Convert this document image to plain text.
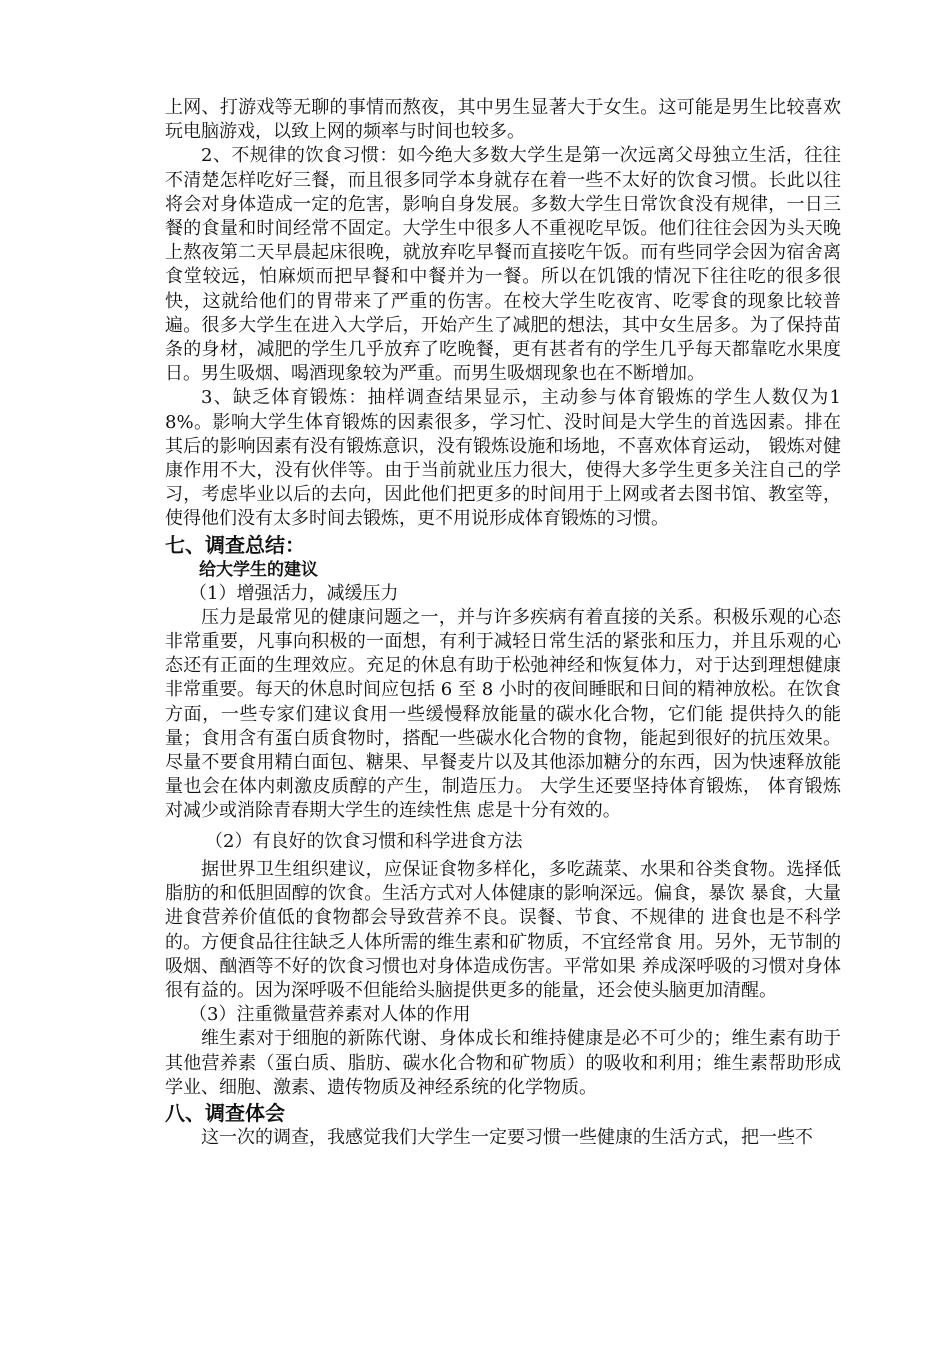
上网、打游戏等无聊的事情而熬夜，其中男生显著大于女生。这可能是男生比较喜欢玩电脑游戏，以致上网的频率与时间也较多。

2、不规律的饮食习惯：如今绝大多数大学生是第一次远离父母独立生活，往往不清楚怎样吃好三餐，而且很多同学本身就存在着一些不太好的饮食习惯。长此以往将会对身体造成一定的危害，影响自身发展。多数大学生日常饮食没有规律，一日三餐的食量和时间经常不固定。大学生中很多人不重视吃早饭。他们往往会因为头天晚上熬夜第二天早晨起床很晚，就放弃吃早餐而直接吃午饭。而有些同学会因为宿舍离食堂较远，怕麻烦而把早餐和中餐并为一餐。所以在饥饿的情况下往往吃的很多很快，这就给他们的胃带来了严重的伤害。在校大学生吃夜宵、吃零食的现象比较普遍。很多大学生在进入大学后，开始产生了减肥的想法，其中女生居多。为了保持苗条的身材，减肥的学生几乎放弃了吃晚餐，更有甚者有的学生几乎每天都靠吃水果度日。男生吸烟、喝酒现象较为严重。而男生吸烟现象也在不断增加。

3、缺乏体育锻炼：抽样调查结果显示，主动参与体育锻炼的学生人数仅为18%。影响大学生体育锻炼的因素很多，学习忙、没时间是大学生的首选因素。排在其后的影响因素有没有锻炼意识，没有锻炼设施和场地，不喜欢体育运动， 锻炼对健康作用不大，没有伙伴等。由于当前就业压力很大，使得大多学生更多关注自己的学习，考虑毕业以后的去向，因此他们把更多的时间用于上网或者去图书馆、教室等，使得他们没有太多时间去锻炼，更不用说形成体育锻炼的习惯。

七、调查总结：
给大学生的建议

（1）增强活力，减缓压力

压力是最常见的健康问题之一，并与许多疾病有着直接的关系。积极乐观的心态非常重要，凡事向积极的一面想，有利于减轻日常生活的紧张和压力，并且乐观的心态还有正面的生理效应。充足的休息有助于松弛神经和恢复体力，对于达到理想健康非常重要。每天的休息时间应包括 6 至 8 小时的夜间睡眠和日间的精神放松。在饮食方面，一些专家们建议食用一些缓慢释放能量的碳水化合物，它们能 提供持久的能量；食用含有蛋白质食物时，搭配一些碳水化合物的食物，能起到很好的抗压效果。尽量不要食用精白面包、糖果、早餐麦片以及其他添加糖分的东西，因为快速释放能量也会在体内刺激皮质醇的产生，制造压力。 大学生还要坚持体育锻炼， 体育锻炼对减少或消除青春期大学生的连续性焦 虑是十分有效的。

（2）有良好的饮食习惯和科学进食方法

据世界卫生组织建议，应保证食物多样化，多吃蔬菜、水果和谷类食物。选择低脂肪的和低胆固醇的饮食。生活方式对人体健康的影响深远。偏食，暴饮 暴食，大量进食营养价值低的食物都会导致营养不良。误餐、节食、不规律的 进食也是不科学的。方便食品往往缺乏人体所需的维生素和矿物质，不宜经常食 用。另外，无节制的吸烟、酗酒等不好的饮食习惯也对身体造成伤害。平常如果 养成深呼吸的习惯对身体很有益的。因为深呼吸不但能给头脑提供更多的能量，还会使头脑更加清醒。

（3）注重微量营养素对人体的作用

维生素对于细胞的新陈代谢、身体成长和维持健康是必不可少的；维生素有助于其他营养素（蛋白质、脂肪、碳水化合物和矿物质）的吸收和利用；维生素帮助形成学业、细胞、激素、遗传物质及神经系统的化学物质。

八、调查体会

这一次的调查，我感觉我们大学生一定要习惯一些健康的生活方式，把一些不
